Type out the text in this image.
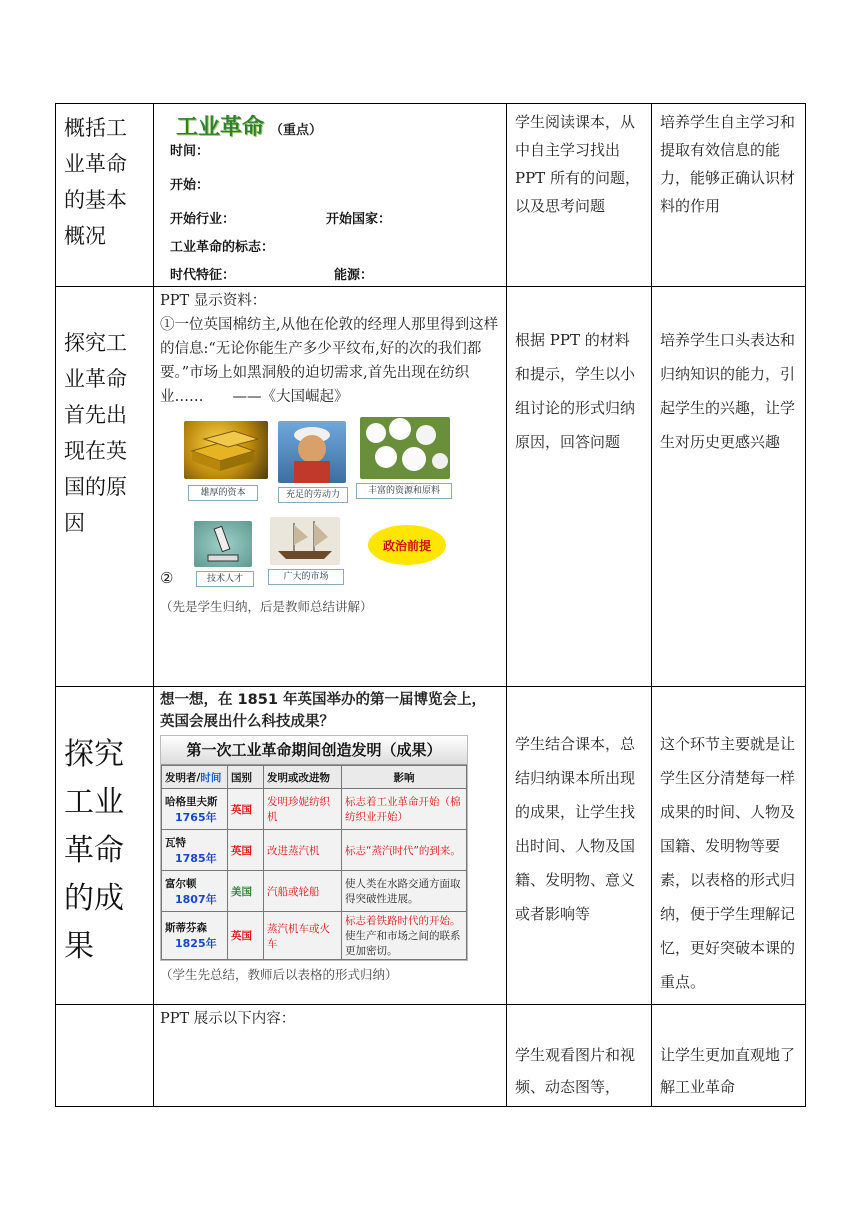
概括工业革命的基本概况

工业革命 （重点）
时间：
开始：
开始行业：	开始国家：
工业革命的标志：
时代特征：	能源：

学生阅读课本，从中自主学习找出 PPT 所有的问题，以及思考问题

培养学生自主学习和提取有效信息的能力，能够正确认识材料的作用

探究工业革命首先出现在英国的原因

PPT 显示资料：
①一位英国棉纺主,从他在伦敦的经理人那里得到这样的信息:“无论你能生产多少平纹布,好的次的我们都要。”市场上如黑洞般的迫切需求,首先出现在纺织业……　　——《大国崛起》
雄厚的资本	充足的劳动力	丰富的资源和原料
技术人才	广大的市场
政治前提
②
（先是学生归纳，后是教师总结讲解）

根据 PPT 的材料和提示，学生以小组讨论的形式归纳原因，回答问题

培养学生口头表达和归纳知识的能力，引起学生的兴趣，让学生对历史更感兴趣

探究工业革命的成果

想一想，在 1851 年英国举办的第一届博览会上，英国会展出什么科技成果？
第一次工业革命期间创造发明（成果）
发明者/时间	国别	发明或改进物	影响
哈格里夫斯
1765年
	英国	发明珍妮纺织机	标志着工业革命开始（棉纺织业开始）
瓦特
1785年
	英国	改进蒸汽机	标志“蒸汽时代”的到来。
富尔顿
1807年
	美国	汽船或轮船	使人类在水路交通方面取得突破性进展。
斯蒂芬森
1825年
	英国	蒸汽机车或火车	标志着铁路时代的开始。使生产和市场之间的联系更加密切。
（学生先总结，教师后以表格的形式归纳）

学生结合课本，总结归纳课本所出现的成果，让学生找出时间、人物及国籍、发明物、意义或者影响等

这个环节主要就是让学生区分清楚每一样成果的时间、人物及国籍、发明物等要素，以表格的形式归纳，便于学生理解记忆，更好突破本课的重点。

PPT 展示以下内容：

学生观看图片和视频、动态图等，

让学生更加直观地了解工业革命
